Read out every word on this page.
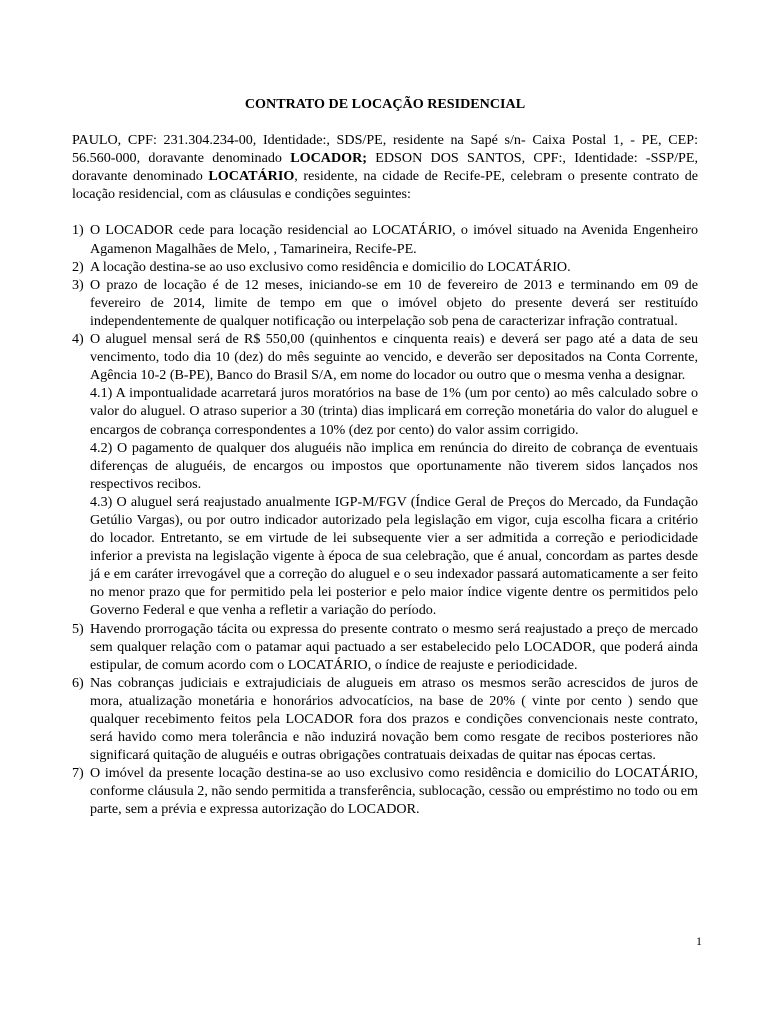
CONTRATO DE LOCAÇÃO RESIDENCIAL

PAULO, CPF: 231.304.234-00, Identidade:, SDS/PE, residente na Sapé s/n- Caixa Postal 1, - PE, CEP: 56.560-000, doravante denominado LOCADOR; EDSON DOS SANTOS, CPF:, Identidade: -SSP/PE, doravante denominado LOCATÁRIO, residente, na cidade de Recife-PE, celebram o presente contrato de locação residencial, com as cláusulas e condições seguintes:

1) O LOCADOR cede para locação residencial ao LOCATÁRIO, o imóvel situado na Avenida Engenheiro Agamenon Magalhães de Melo, , Tamarineira, Recife-PE.
2) A locação destina-se ao uso exclusivo como residência e domicilio do LOCATÁRIO.
3) O prazo de locação é de 12 meses, iniciando-se em 10 de fevereiro de 2013 e terminando em 09 de fevereiro de 2014, limite de tempo em que o imóvel objeto do presente deverá ser restituído independentemente de qualquer notificação ou interpelação sob pena de caracterizar infração contratual.
4) O aluguel mensal será de R$ 550,00 (quinhentos e cinquenta reais) e deverá ser pago até a data de seu vencimento, todo dia 10 (dez) do mês seguinte ao vencido, e deverão ser depositados na Conta Corrente, Agência 10-2 (B-PE), Banco do Brasil S/A, em nome do locador ou outro que o mesma venha a designar.

4.1) A impontualidade acarretará juros moratórios na base de 1% (um por cento) ao mês calculado sobre o valor do aluguel. O atraso superior a 30 (trinta) dias implicará em correção monetária do valor do aluguel e encargos de cobrança correspondentes a 10% (dez por cento) do valor assim corrigido.

4.2) O pagamento de qualquer dos aluguéis não implica em renúncia do direito de cobrança de eventuais diferenças de aluguéis, de encargos ou impostos que oportunamente não tiverem sidos lançados nos respectivos recibos.

4.3) O aluguel será reajustado anualmente IGP-M/FGV (Índice Geral de Preços do Mercado, da Fundação Getúlio Vargas), ou por outro indicador autorizado pela legislação em vigor, cuja escolha ficara a critério do locador. Entretanto, se em virtude de lei subsequente vier a ser admitida a correção e periodicidade inferior a prevista na legislação vigente à época de sua celebração, que é anual, concordam as partes desde já e em caráter irrevogável que a correção do aluguel e o seu indexador passará automaticamente a ser feito no menor prazo que for permitido pela lei posterior e pelo maior índice vigente dentre os permitidos pelo Governo Federal e que venha a refletir a variação do período.

5) Havendo prorrogação tácita ou expressa do presente contrato o mesmo será reajustado a preço de mercado sem qualquer relação com o patamar aqui pactuado a ser estabelecido pelo LOCADOR, que poderá ainda estipular, de comum acordo com o LOCATÁRIO, o índice de reajuste e periodicidade.
6) Nas cobranças judiciais e extrajudiciais de alugueis em atraso os mesmos serão acrescidos de juros de mora, atualização monetária e honorários advocatícios, na base de 20% ( vinte por cento ) sendo que qualquer recebimento feitos pela LOCADOR fora dos prazos e condições convencionais neste contrato, será havido como mera tolerância e não induzirá novação bem como resgate de recibos posteriores não significará quitação de aluguéis e outras obrigações contratuais deixadas de quitar nas épocas certas.
7) O imóvel da presente locação destina-se ao uso exclusivo como residência e domicilio do LOCATÁRIO, conforme cláusula 2, não sendo permitida a transferência, sublocação, cessão ou empréstimo no todo ou em parte, sem a prévia e expressa autorização do LOCADOR.
1
